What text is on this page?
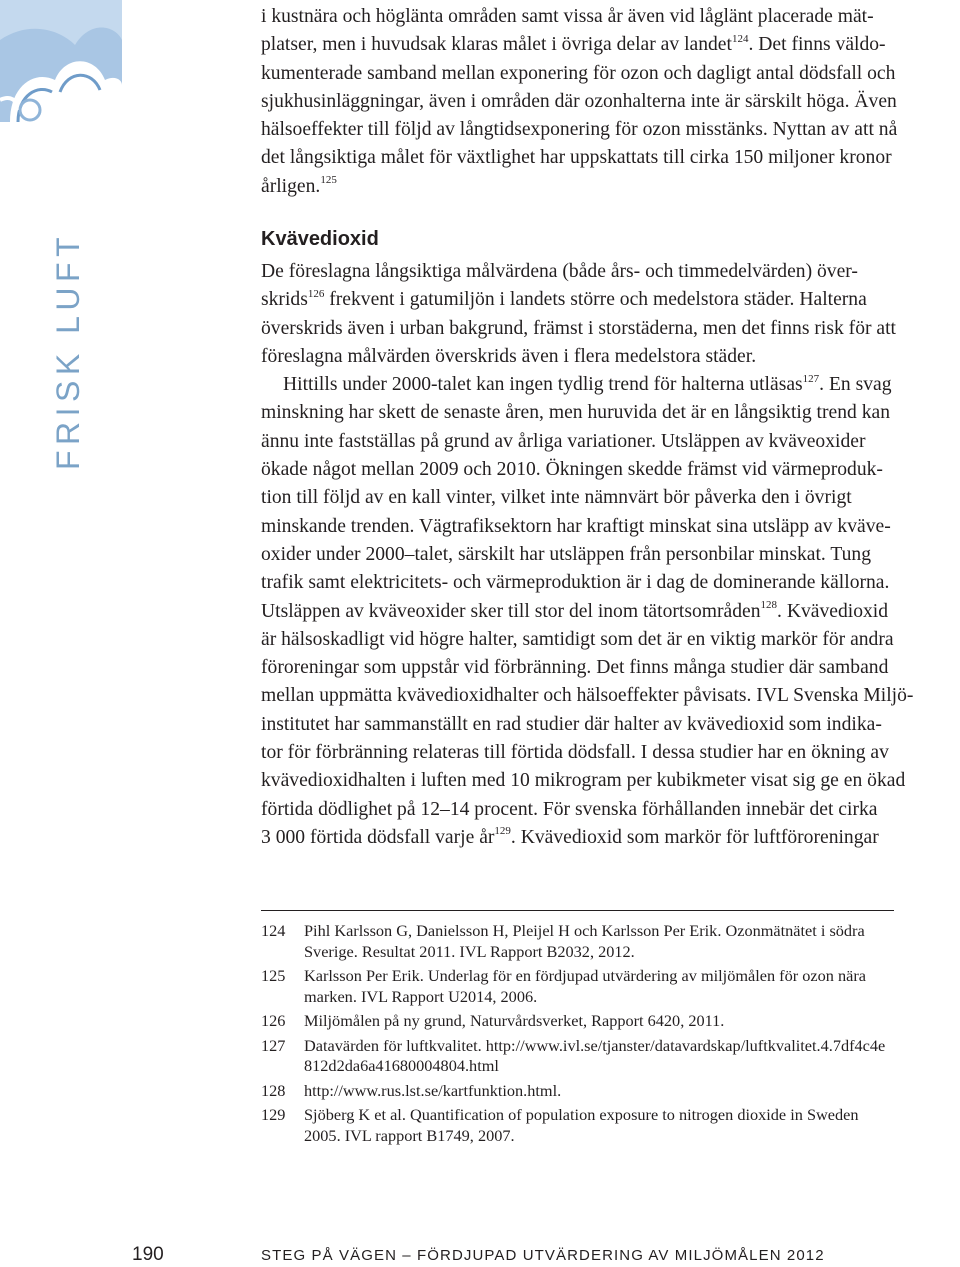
FRISK LUFT

i kustnära och höglänta områden samt vissa år även vid låglänt placerade mät-
platser, men i huvudsak klaras målet i övriga delar av landet$^{124}$. Det finns väldo-
kumenterade samband mellan exponering för ozon och dagligt antal dödsfall och
sjukhusinläggningar, även i områden där ozonhalterna inte är särskilt höga. Även
hälsoeffekter till följd av långtidsexponering för ozon misstänks. Nyttan av att nå
det långsiktiga målet för växtlighet har uppskattats till cirka 150 miljoner kronor
årligen.$^{125}$

Kvävedioxid

De föreslagna långsiktiga målvärdena (både års- och timmedelvärden) över-
skrids$^{126}$ frekvent i gatumiljön i landets större och medelstora städer. Halterna
överskrids även i urban bakgrund, främst i storstäderna, men det finns risk för att
föreslagna målvärden överskrids även i flera medelstora städer.

Hittills under 2000-talet kan ingen tydlig trend för halterna utläsas$^{127}$. En svag
minskning har skett de senaste åren, men huruvida det är en långsiktig trend kan
ännu inte fastställas på grund av årliga variationer. Utsläppen av kväveoxider
ökade något mellan 2009 och 2010. Ökningen skedde främst vid värmeproduk-
tion till följd av en kall vinter, vilket inte nämnvärt bör påverka den i övrigt
minskande trenden. Vägtrafiksektorn har kraftigt minskat sina utsläpp av kväve-
oxider under 2000–talet, särskilt har utsläppen från personbilar minskat. Tung
trafik samt elektricitets- och värmeproduktion är i dag de dominerande källorna.
Utsläppen av kväveoxider sker till stor del inom tätortsområden$^{128}$. Kvävedioxid
är hälsoskadligt vid högre halter, samtidigt som det är en viktig markör för andra
föroreningar som uppstår vid förbränning. Det finns många studier där samband
mellan uppmätta kvävedioxidhalter och hälsoeffekter påvisats. IVL Svenska Miljö-
institutet har sammanställt en rad studier där halter av kvävedioxid som indika-
tor för förbränning relateras till förtida dödsfall. I dessa studier har en ökning av
kvävedioxidhalten i luften med 10 mikrogram per kubikmeter visat sig ge en ökad
förtida dödlighet på 12–14 procent. För svenska förhållanden innebär det cirka
3 000 förtida dödsfall varje $år^{129}$. Kvävedioxid som markör för luftföroreningar

124	Pihl Karlsson G, Danielsson H, Pleijel H och Karlsson Per Erik. Ozonmätnätet i södra
Sverige. Resultat 2011. IVL Rapport B2032, 2012.
125	Karlsson Per Erik. Underlag för en fördjupad utvärdering av miljömålen för ozon nära
marken. IVL Rapport U2014, 2006.
126	Miljömålen på ny grund, Naturvårdsverket, Rapport 6420, 2011.
127	Datavärden för luftkvalitet. http://www.ivl.se/tjanster/datavardskap/luftkvalitet.4.7df4c4e
812d2da6a41680004804.html
128	http://www.rus.lst.se/kartfunktion.html.
129	Sjöberg K et al. Quantification of population exposure to nitrogen dioxide in Sweden
2005. IVL rapport B1749, 2007.
190	STEG PÅ VÄGEN – FÖRDJUPAD UTVÄRDERING AV MILJÖMÅLEN 2012
